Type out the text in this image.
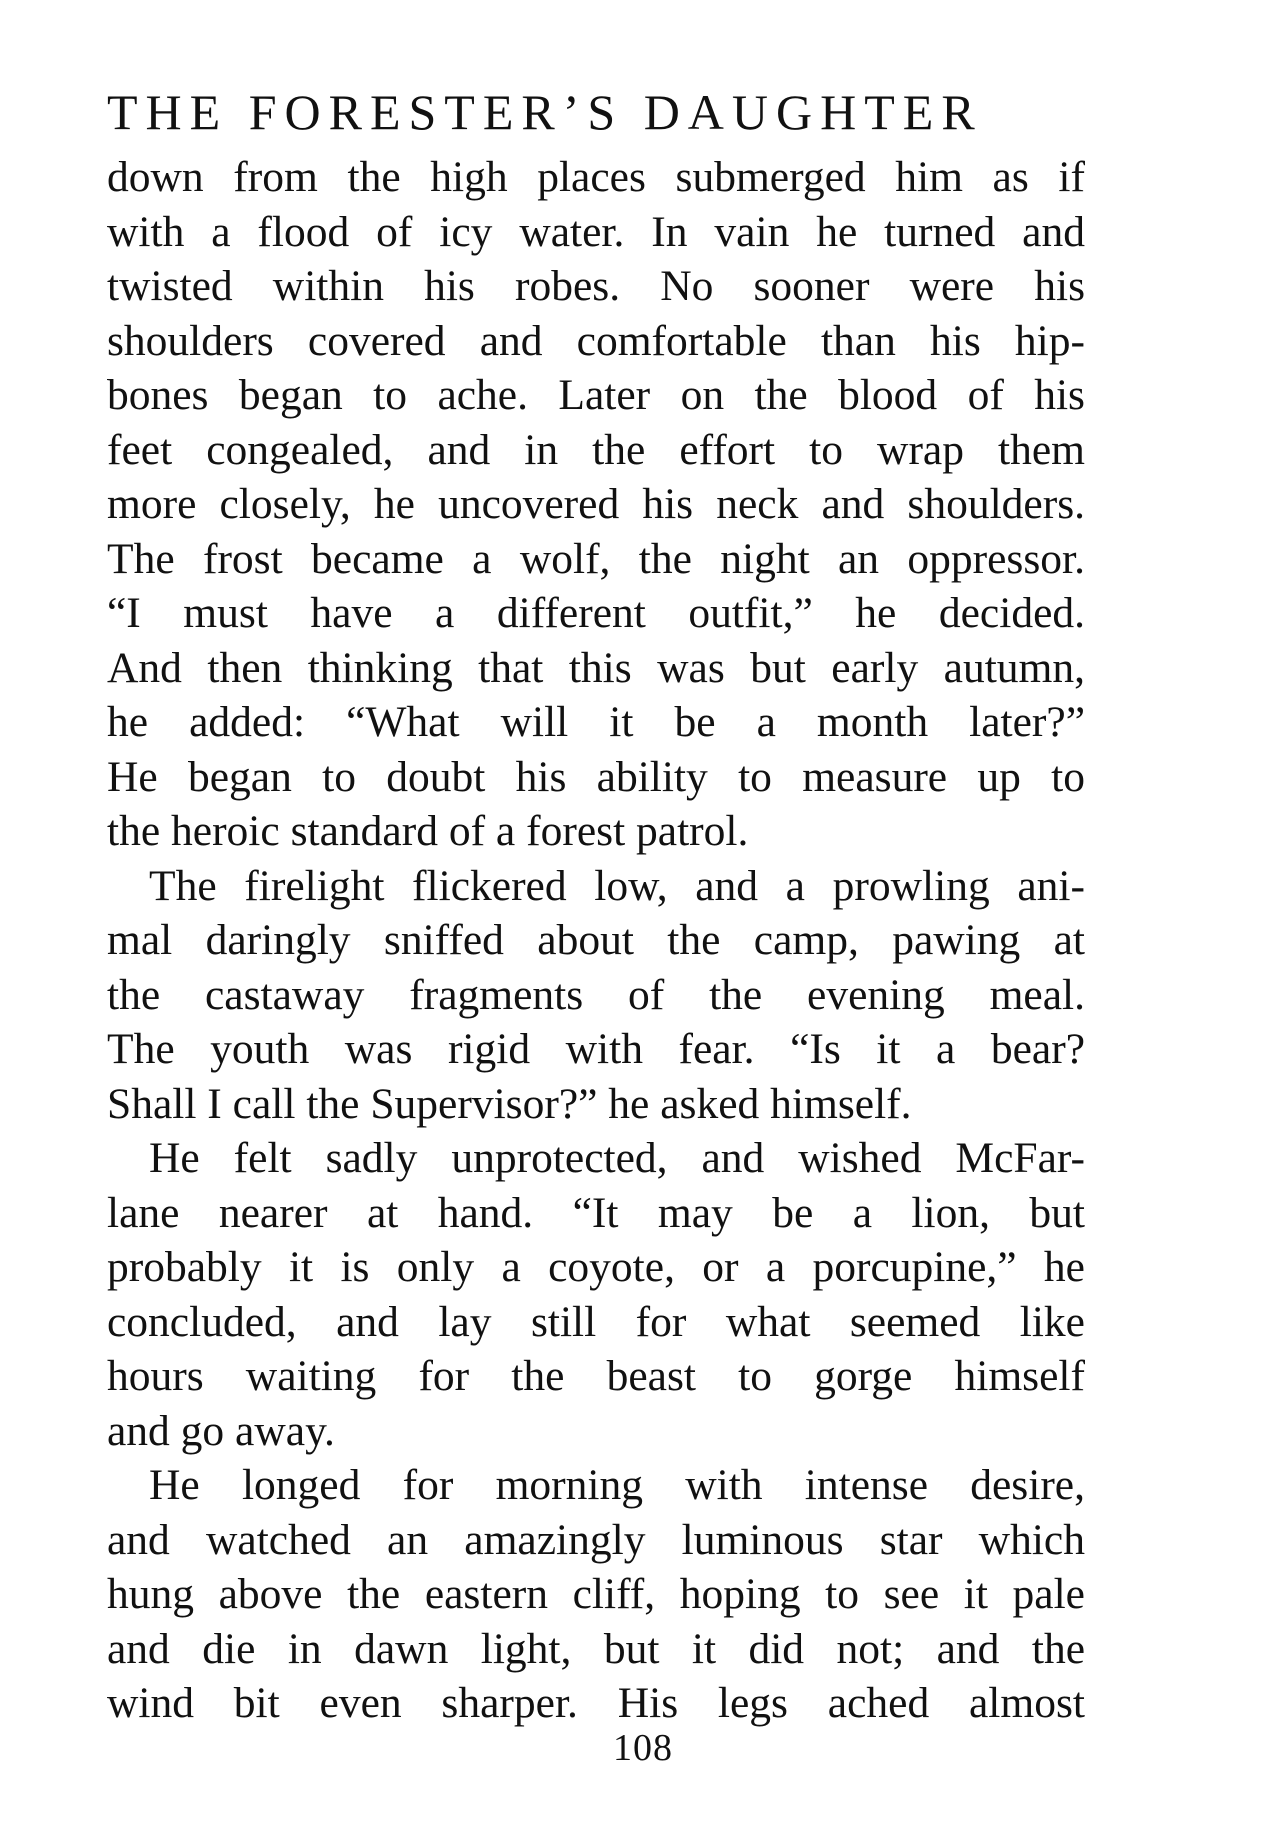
THE FORESTER’S DAUGHTER
down from the high places submerged him as if
with a flood of icy water. In vain he turned and
twisted within his robes. No sooner were his
shoulders covered and comfortable than his hip-
bones began to ache. Later on the blood of his
feet congealed, and in the effort to wrap them
more closely, he uncovered his neck and shoulders.
The frost became a wolf, the night an oppressor.
“I must have a different outfit,” he decided.
And then thinking that this was but early autumn,
he added: “What will it be a month later?”
He began to doubt his ability to measure up to
the heroic standard of a forest patrol.
The firelight flickered low, and a prowling ani-
mal daringly sniffed about the camp, pawing at
the castaway fragments of the evening meal.
The youth was rigid with fear. “Is it a bear?
Shall I call the Supervisor?” he asked himself.
He felt sadly unprotected, and wished McFar-
lane nearer at hand. “It may be a lion, but
probably it is only a coyote, or a porcupine,” he
concluded, and lay still for what seemed like
hours waiting for the beast to gorge himself
and go away.
He longed for morning with intense desire,
and watched an amazingly luminous star which
hung above the eastern cliff, hoping to see it pale
and die in dawn light, but it did not; and the
wind bit even sharper. His legs ached almost
108
